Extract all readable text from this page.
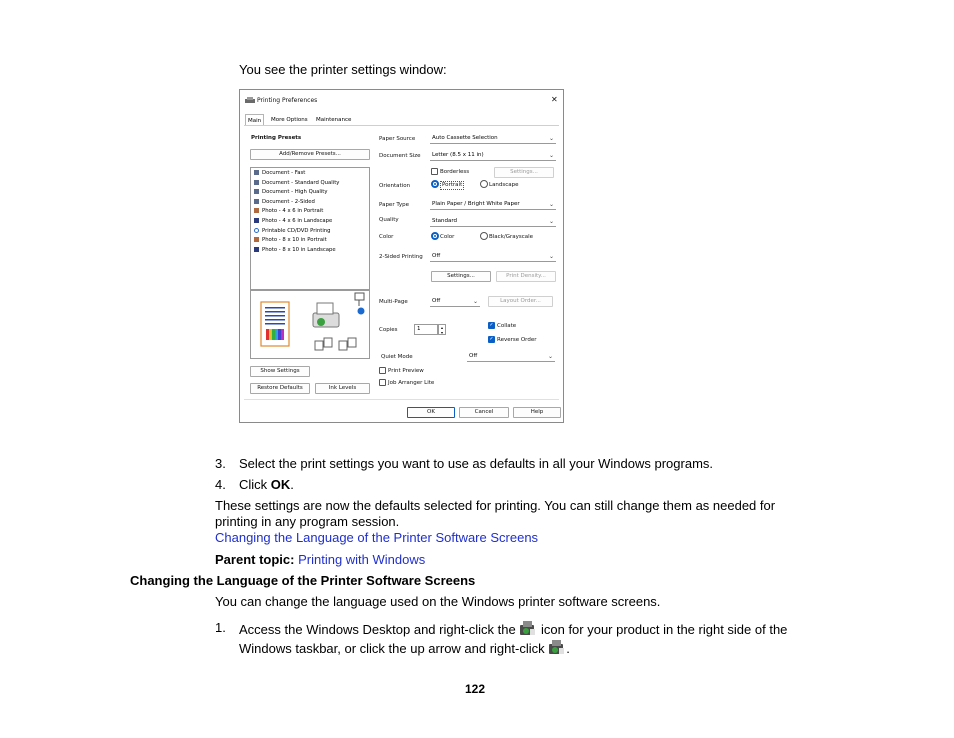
You see the printer settings window:
Printing Preferences	✕
Main	More Options	Maintenance
Printing Presets
Add/Remove Presets...
Document - Fast
Document - Standard Quality
Document - High Quality
Document - 2-Sided
Photo - 4 x 6 in Portrait
Photo - 4 x 6 in Landscape
Printable CD/DVD Printing
Photo - 8 x 10 in Portrait
Photo - 8 x 10 in Landscape
Show Settings
Restore Defaults	Ink Levels
Paper Source	Auto Cassette Selection	⌄
Document Size	Letter (8.5 x 11 in)	⌄
Borderless	Settings...
Orientation	Portrait	Landscape
Paper Type	Plain Paper / Bright White Paper	⌄
Quality	Standard	⌄
Color	Color	Black/Grayscale
2-Sided Printing	Off	⌄
Settings...	Print Density...
Multi-Page	Off	⌄	Layout Order...
Copies	1	▴
▾
✓ Collate
✓ Reverse Order
Quiet Mode	Off	⌄
Print Preview
Job Arranger Lite
OK	Cancel	Help
3. Select the print settings you want to use as defaults in all your Windows programs.
4. Click OK.
These settings are now the defaults selected for printing. You can still change them as needed for printing in any program session.
Changing the Language of the Printer Software Screens
Parent topic: Printing with Windows
Changing the Language of the Printer Software Screens
You can change the language used on the Windows printer software screens.
1. Access the Windows Desktop and right-click the icon for your product in the right side of the
Windows taskbar, or click the up arrow and right-click .
122
